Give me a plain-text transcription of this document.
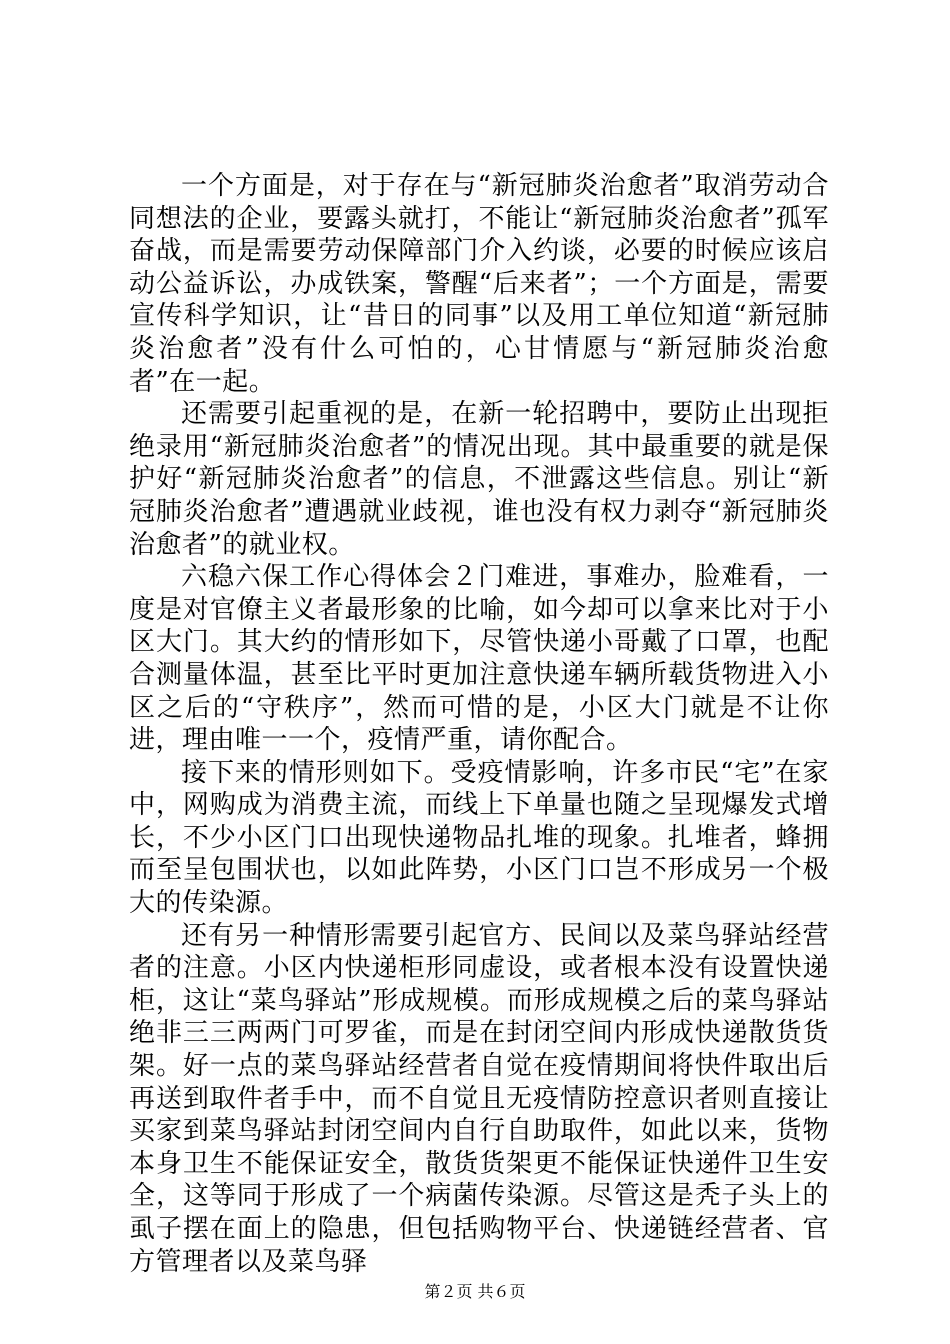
一个方面是，对于存在与“新冠肺炎治愈者”取消劳动合同想法的企业，要露头就打，不能让“新冠肺炎治愈者”孤军奋战，而是需要劳动保障部门介入约谈，必要的时候应该启动公益诉讼，办成铁案，警醒“后来者”；一个方面是，需要宣传科学知识，让“昔日的同事”以及用工单位知道“新冠肺炎治愈者”没有什么可怕的，心甘情愿与“新冠肺炎治愈者”在一起。

还需要引起重视的是，在新一轮招聘中，要防止出现拒绝录用“新冠肺炎治愈者”的情况出现。其中最重要的就是保护好“新冠肺炎治愈者”的信息，不泄露这些信息。别让“新冠肺炎治愈者”遭遇就业歧视，谁也没有权力剥夺“新冠肺炎治愈者”的就业权。

六稳六保工作心得体会２门难进，事难办，脸难看，一度是对官僚主义者最形象的比喻，如今却可以拿来比对于小区大门。其大约的情形如下，尽管快递小哥戴了口罩，也配合测量体温，甚至比平时更加注意快递车辆所载货物进入小区之后的“守秩序”，然而可惜的是，小区大门就是不让你进，理由唯一一个，疫情严重，请你配合。

接下来的情形则如下。受疫情影响，许多市民“宅”在家中，网购成为消费主流，而线上下单量也随之呈现爆发式增长，不少小区门口出现快递物品扎堆的现象。扎堆者，蜂拥而至呈包围状也，以如此阵势，小区门口岂不形成另一个极大的传染源。

还有另一种情形需要引起官方、民间以及菜鸟驿站经营者的注意。小区内快递柜形同虚设，或者根本没有设置快递柜，这让“菜鸟驿站”形成规模。而形成规模之后的菜鸟驿站绝非三三两两门可罗雀，而是在封闭空间内形成快递散货货架。好一点的菜鸟驿站经营者自觉在疫情期间将快件取出后再送到取件者手中，而不自觉且无疫情防控意识者则直接让买家到菜鸟驿站封闭空间内自行自助取件，如此以来，货物本身卫生不能保证安全，散货货架更不能保证快递件卫生安全，这等同于形成了一个病菌传染源。尽管这是秃子头上的虱子摆在面上的隐患，但包括购物平台、快递链经营者、官方管理者以及菜鸟驿

第２页 共６页
